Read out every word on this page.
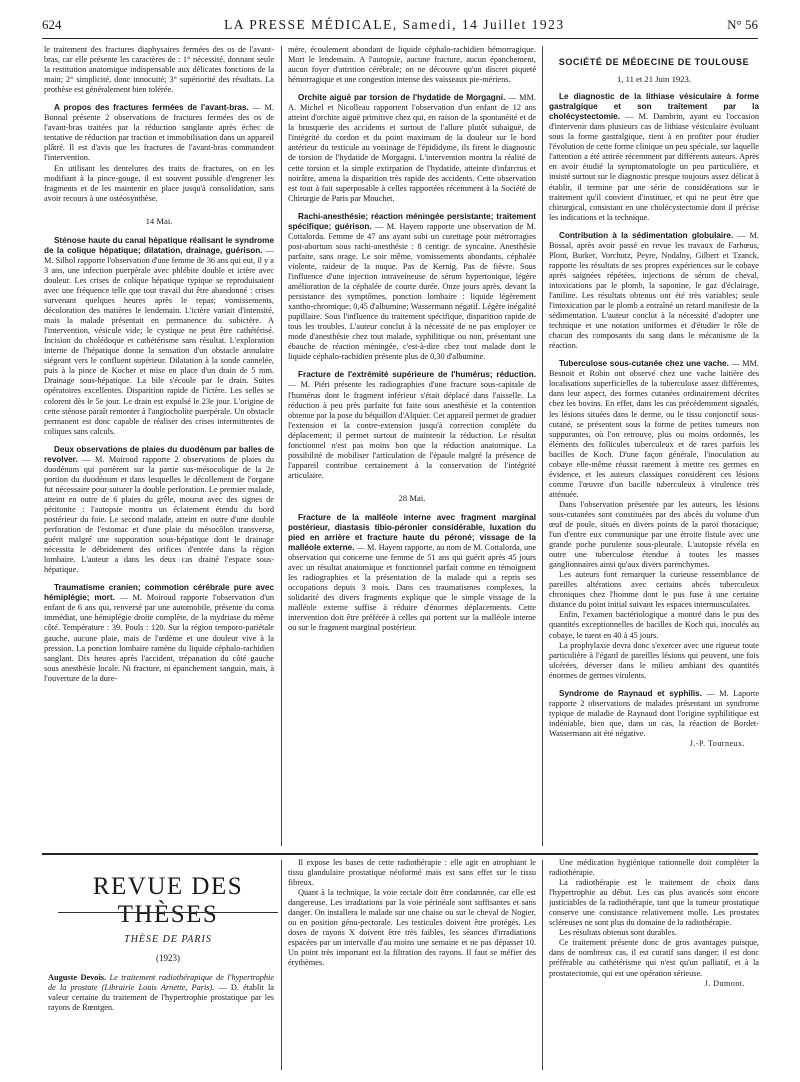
624	LA PRESSE MÉDICALE, Samedi, 14 Juillet 1923	N° 56

le traitement des fractures diaphysaires fermées des os de l'avant-bras, car elle présente les caractères de : 1° nécessité, donnant seule la restitution anatomique indispensable aux délicates fonctions de la main; 2° simplicité, donc innocuité; 3° supériorité des résultats. La prothèse est généralement bien tolérée.

A propos des fractures fermées de l'avant-bras. — M. Bonnal présente 2 observations de fractures fermées des os de l'avant-bras traitées par la réduction sanglante après échec de tentative de réduction par traction et immobilisation dans un appareil plâtré. Il est d'avis que les fractures de l'avant-bras commandent l'intervention.

En utilisant les dentelures des traits de fractures, on en les modifiant à la pince-gouge, il est souvent possible d'engrener les fragments et de les maintenir en place jusqu'à consolidation, sans avoir recours à une ostéosynthèse.

14 Mai.

Sténose haute du canal hépatique réalisant le syndrome de la colique hépatique; dilatation, drainage, guérison. — M. Silhol rapporte l'observation d'une femme de 36 ans qui eut, il y a 3 ans, une infection puerpérale avec phlébite double et ictère avec douleur. Les crises de colique hépatique typique se reproduisaient avec une fréquence telle que tout travail dut être abandonné : crises survenant quelques heures après le repas; vomissements, décoloration des matières le lendemain. L'ictère variait d'intensité, mais la malade présentait en permanence du subictère. A l'intervention, vésicule vide; le cystique ne peut être cathétérisé. Incision du cholédoque et cathétérisme sans résultat. L'exploration interne de l'hépatique donne la sensation d'un obstacle annulaire siégeant vers le confluent supérieur. Dilatation à la sonde cannelée, puis à la pince de Kocher et mise en place d'un drain de 5 mm. Drainage sous-hépatique. La bile s'écoule par le drain. Suites opératoires excellentes. Disparition rapide de l'ictère. Les selles se colorent dès le 5e jour. Le drain est expulsé le 23e jour. L'origine de cette sténose paraît remonter à l'angiocholite puerpérale. Un obstacle permanent est donc capable de réaliser des crises intermittentes de coliques sans calculs.

Deux observations de plaies du duodénum par balles de revolver. — M. Moiroud rapporte 2 observations de plaies du duodénum qui portèrent sur la partie sus-mésocolique de la 2e portion du duodénum et dans lesquelles le décollement de l'organe fut nécessaire pour suturer la double perforation. Le premier malade, atteint en outre de 6 plaies du grêle, mourut avec des signes de péritonite : l'autopsie montra un éclatement étendu du bord postérieur du foie. Le second malade, atteint en outre d'une double perforation de l'estomac et d'une plaie du mésocôlon transverse, guérit malgré une suppuration sous-hépatique dont le drainage nécessita le débridement des orifices d'entrée dans la région lombaire. L'auteur a dans les deux cas drainé l'espace sous-hépatique.

Traumatisme cranien; commotion cérébrale pure avec hémiplégie; mort. — M. Moiroud rapporte l'observation d'un enfant de 6 ans qui, renversé par une automobile, présente du coma immédiat, une hémiplégie droite complète, de la mydriase du même côté. Température : 39. Pouls : 120. Sur la région temporo-pariétale gauche, aucune plaie, mais de l'œdème et une douleur vive à la pression. La ponction lombaire ramène du liquide céphalo-rachidien sanglant. Dix heures après l'accident, trépanation du côté gauche sous anesthésie locale. Ni fracture, ni épanchement sanguin, mais, à l'ouverture de la dure-

mère, écoulement abondant de liquide céphalo-rachidien hémorragique. Mort le lendemain. A l'autopsie, aucune fracture, aucun épanchement, aucun foyer d'attrition cérébrale; on ne découvre qu'un discret piqueté hémorragique et une congestion intense des vaisseaux pie-mériens.

Orchite aiguë par torsion de l'hydatide de Morgagni. — MM. A. Michel et Nicolleau rapportent l'observation d'un enfant de 12 ans atteint d'orchite aiguë primitive chez qui, en raison de la spontanéité et de la brusquerie des accidents et surtout de l'allure plutôt subaiguë, de l'intégrité du cordon et du point maximum de la douleur sur le bord antérieur du testicule au voisinage de l'épididyme, ils firent le diagnostic de torsion de l'hydatide de Morgagni. L'intervention montra la réalité de cette torsion et la simple extirpation de l'hydatide, atteinte d'infarctus et noirâtre, amena la disparition très rapide des accidents. Cette observation est tout à fait superposable à celles rapportées récemment à la Société de Chirurgie de Paris par Mouchet.

Rachi-anesthésie; réaction méningée persistante; traitement spécifique; guérison. — M. Hayem rapporte une observation de M. Cottalorda. Femme de 47 ans ayant subi un curettage pour métrorragies post-abortum sous rachi-anesthésie : 8 centigr. de syncaïne. Anesthésie parfaite, sans orage. Le soir même, vomissements abondants, céphalée violente, raideur de la nuque. Pas de Kernig. Pas de fièvre. Sous l'influence d'une injection intraveineuse de sérum hypertonique, légère amélioration de la céphalée de courte durée. Onze jours après, devant la persistance des symptômes, ponction lombaire : liquide légèrement xantho-chromique; 0,45 d'albumine; Wassermann négatif. Légère inégalité pupillaire. Sous l'influence du traitement spécifique, disparition rapide de tous les troubles. L'auteur conclut à la nécessité de ne pas employer ce mode d'anesthésie chez tout malade, syphilitique ou non, présentant une ébauche de réaction méningée, c'est-à-dire chez tout malade dont le liquide céphalo-rachidien présente plus de 0,30 d'albumine.

Fracture de l'extrémité supérieure de l'humérus; réduction. — M. Piéri présente les radiographies d'une fracture sous-capitale de l'humérus dont le fragment inférieur s'était déplacé dans l'aisselle. La réduction à peu près parfaite fut faite sous anesthésie et la contention obtenue par la pose du béquillon d'Alquier. Cet appareil permet de graduer l'extension et la contre-extension jusqu'à correction complète du déplacement; il permet surtout de maintenir la réduction. Le résultat fonctionnel n'est pas moins bon que la réduction anatomique. La possibilité de mobiliser l'articulation de l'épaule malgré la présence de l'appareil contribue certainement à la conservation de l'intégrité articulaire.

28 Mai.

Fracture de la malléole interne avec fragment marginal postérieur, diastasis tibio-péronier considérable, luxation du pied en arrière et fracture haute du péroné; vissage de la malléole externe. — M. Hayem rapporte, au nom de M. Cottalorda, une observation qui concerne une femme de 51 ans qui guérit après 45 jours avec un résultat anatomique et fonctionnel parfait comme en témoignent les radiographies et la présentation de la malade qui a repris ses occupations depuis 3 mois. Dans ces traumatismes complexes, la solidarité des divers fragments explique que le simple vissage de la malléole externe suffise à réduire d'énormes déplacements. Cette intervention doit être préférée à celles qui portent sur la malléole interne ou sur le fragment marginal postérieur.

SOCIÉTÉ DE MÉDECINE DE TOULOUSE
1, 11 et 21 Juin 1923.

Le diagnostic de la lithiase vésiculaire à forme gastralgique et son traitement par la cholécystectomie. — M. Dambrin, ayant eu l'occasion d'intervenir dans plusieurs cas de lithiase vésiculaire évoluant sous la forme gastralgique, tient à en profiter pour étudier l'évolution de cette forme clinique un peu spéciale, sur laquelle l'attention a été attirée récemment par différents auteurs. Après en avoir étudié la symptomatologie un peu particulière, et insisté surtout sur le diagnostic presque toujours assez délicat à établir, il termine par une série de considérations sur le traitement qu'il convient d'instituer, et qui ne peut être que chirurgical, consistant en une cholécystectomie dont il précise les indications et la technique.

Contribution à la sédimentation globulaire. — M. Bossal, après avoir passé en revue les travaux de Farhœus, Plont, Burker, Vorchutz, Peyre, Nodalny, Gilbert et Tzanck, rapporte les résultats de ses propres expériences sur le cobaye après saignées répétées, injections de sérum de cheval, intoxications par le plomb, la saponine, le gaz d'éclairage, l'aniline. Les résultats obtenus ont été très variables; seule l'intoxication par le plomb a entraîné un retard manifeste de la sédimentation. L'auteur conclut à la nécessité d'adopter une technique et une notation uniformes et d'étudier le rôle de chacun des composants du sang dans le mécanisme de la réaction.

Tuberculose sous-cutanée chez une vache. — MM. Besnoit et Robin ont observé chez une vache laitière des localisations superficielles de la tuberculose assez différentes, dans leur aspect, des formes cutanées ordinairement décrites chez les bovins. En effet, dans les cas précédemment signalés, les lésions situées dans le derme, ou le tissu conjonctif sous-cutané, se présentent sous la forme de petites tumeurs non suppurantes, où l'on retrouve, plus ou moins ordonnés, les éléments des follicules tuberculeux et de rares parfois les bacilles de Koch. D'une façon générale, l'inoculation au cobaye elle-même réussit rarement à mettre ces germes en évidence, et les auteurs classiques considèrent ces lésions comme l'œuvre d'un bacille tuberculeux à virulence très atténuée.

Dans l'observation présentée par les auteurs, les lésions sous-cutanées sont constituées par des abcès du volume d'un œuf de poule, situés en divers points de la paroi thoracique; l'un d'entre eux communique par une étroite fistule avec une grande poche purulente sous-pleurale. L'autopsie révéla en outre une tuberculose étendue à toutes les masses ganglionnaires ainsi qu'aux divers parenchymes.

Les auteurs font remarquer la curieuse ressemblance de pareilles altérations avec certains abcès tuberculeux chroniques chez l'homme dont le pus fuse à une certaine distance du point initial suivant les espaces intermusculaires.

Enfin, l'examen bactériologique a montré dans le pus des quantités exceptionnelles de bacilles de Koch qui, inoculés au cobaye, le tuent en 40 à 45 jours.

La prophylaxie devra donc s'exercer avec une rigueur toute particulière à l'égard de pareilles lésions qui peuvent, une fois ulcérées, déverser dans le milieu ambiant des quantités énormes de germes virulents.

Syndrome de Raynaud et syphilis. — M. Laporte rapporte 2 observations de malades présentant un syndrome typique de maladie de Raynaud dont l'origine syphilitique est indéniable, bien que, dans un cas, la réaction de Bordet-Wassermann ait été négative.

J.-P. Tourneux.
REVUE DES THÈSES
THÈSE DE PARIS
(1923)

Auguste Devois. Le traitement radiothérapique de l'hypertrophie de la prostate (Librairie Louis Arnette, Paris). — D. établit la valeur certaine du traitement de l'hypertrophie prostatique par les rayons de Rœntgen.

Il expose les bases de cette radiothérapie : elle agit en atrophiant le tissu glandulaire prostatique néoformé mais est sans effet sur le tissu fibreux.

Quant à la technique, la voie rectale doit être condamnée, car elle est dangereuse. Les irradiations par la voie périnéale sont suffisantes et sans danger. On installera le malade sur une chaise ou sur le cheval de Nogier, ou en position génu-pectorale. Les testicules doivent être protégés. Les doses de rayons X doivent être très faibles, les séances d'irradiations espacées par un intervalle d'au moins une semaine et ne pas dépasser 10. Un point très important est la filtration des rayons. Il faut se méfier des érythèmes.

Une médication hygiénique rationnelle doit compléter la radiothérapie.

La radiothérapie est le traitement de choix dans l'hypertrophie au début. Les cas plus avancés sont encore justiciables de la radiothérapie, tant que la tumeur prostatique conserve une consistance relativement molle. Les prostates scléreuses ne sont plus du domaine de la radiothérapie.

Les résultats obtenus sont durables.

Ce traitement présente donc de gros avantages puisque, dans de nombreux cas, il est curatif sans danger; il est donc préférable au cathétérisme qui n'est qu'un palliatif, et à la prostatectomie, qui est une opération sérieuse.

J. Dumont.
